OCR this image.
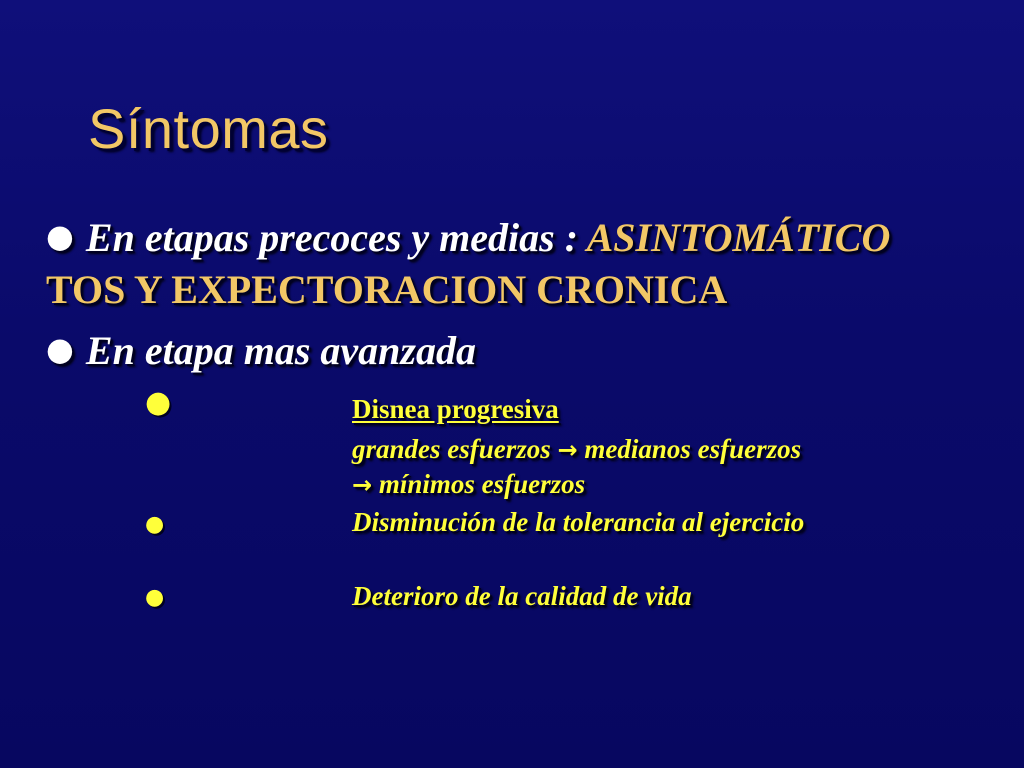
Síntomas
● En etapas precoces y medias : ASINTOMÁTICO
TOS Y EXPECTORACION CRONICA
● En etapa mas avanzada
●	Disnea progresiva
grandes esfuerzos → medianos esfuerzos → mínimos esfuerzos
●	Disminución de la tolerancia al ejercicio
●	Deterioro de la calidad de vida
